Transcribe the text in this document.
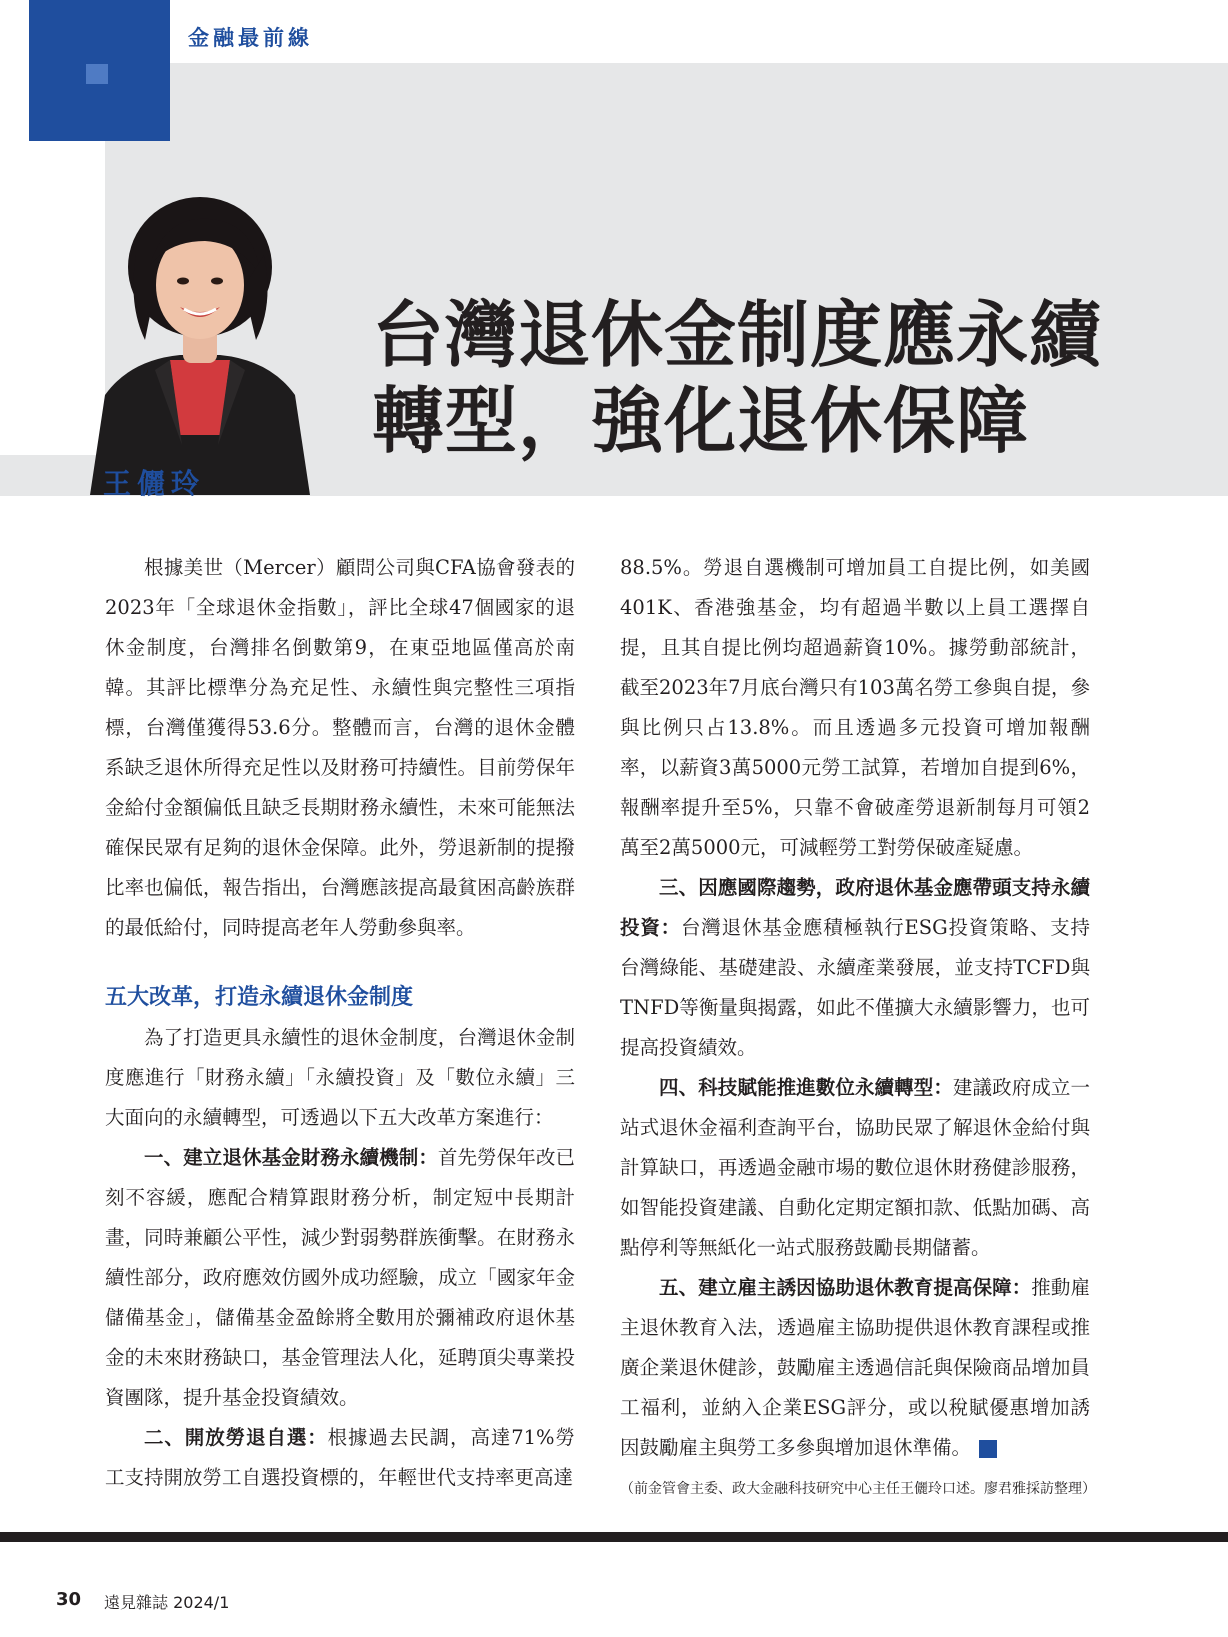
金融最前線
台灣退休金制度應永續
轉型，強化退休保障
王儷玲

根據美世（Mercer）顧問公司與CFA協會發表的2023年「全球退休金指數」，評比全球47個國家的退休金制度，台灣排名倒數第9，在東亞地區僅高於南韓。其評比標準分為充足性、永續性與完整性三項指標，台灣僅獲得53.6分。整體而言，台灣的退休金體系缺乏退休所得充足性以及財務可持續性。目前勞保年金給付金額偏低且缺乏長期財務永續性，未來可能無法確保民眾有足夠的退休金保障。此外，勞退新制的提撥比率也偏低，報告指出，台灣應該提高最貧困高齡族群的最低給付，同時提高老年人勞動參與率。

五大改革，打造永續退休金制度

為了打造更具永續性的退休金制度，台灣退休金制度應進行「財務永續」「永續投資」及「數位永續」三大面向的永續轉型，可透過以下五大改革方案進行：

一、建立退休基金財務永續機制：首先勞保年改已刻不容緩，應配合精算跟財務分析，制定短中長期計畫，同時兼顧公平性，減少對弱勢群族衝擊。在財務永續性部分，政府應效仿國外成功經驗，成立「國家年金儲備基金」，儲備基金盈餘將全數用於彌補政府退休基金的未來財務缺口，基金管理法人化，延聘頂尖專業投資團隊，提升基金投資績效。

二、開放勞退自選：根據過去民調，高達71%勞工支持開放勞工自選投資標的，年輕世代支持率更高達

88.5%。勞退自選機制可增加員工自提比例，如美國401K、香港強基金，均有超過半數以上員工選擇自提，且其自提比例均超過薪資10%。據勞動部統計，截至2023年7月底台灣只有103萬名勞工參與自提，參與比例只占13.8%。而且透過多元投資可增加報酬率，以薪資3萬5000元勞工試算，若增加自提到6%，報酬率提升至5%，只靠不會破產勞退新制每月可領2萬至2萬5000元，可減輕勞工對勞保破產疑慮。

三、因應國際趨勢，政府退休基金應帶頭支持永續投資：台灣退休基金應積極執行ESG投資策略、支持台灣綠能、基礎建設、永續產業發展，並支持TCFD與TNFD等衡量與揭露，如此不僅擴大永續影響力，也可提高投資績效。

四、科技賦能推進數位永續轉型：建議政府成立一站式退休金福利查詢平台，協助民眾了解退休金給付與計算缺口，再透過金融市場的數位退休財務健診服務，如智能投資建議、自動化定期定額扣款、低點加碼、高點停利等無紙化一站式服務鼓勵長期儲蓄。

五、建立雇主誘因協助退休教育提高保障：推動雇主退休教育入法，透過雇主協助提供退休教育課程或推廣企業退休健診，鼓勵雇主透過信託與保險商品增加員工福利，並納入企業ESG評分，或以稅賦優惠增加誘因鼓勵雇主與勞工多參與增加退休準備。	G

（前金管會主委、政大金融科技研究中心主任王儷玲口述。廖君雅採訪整理）
30 遠見雜誌 2024/1
